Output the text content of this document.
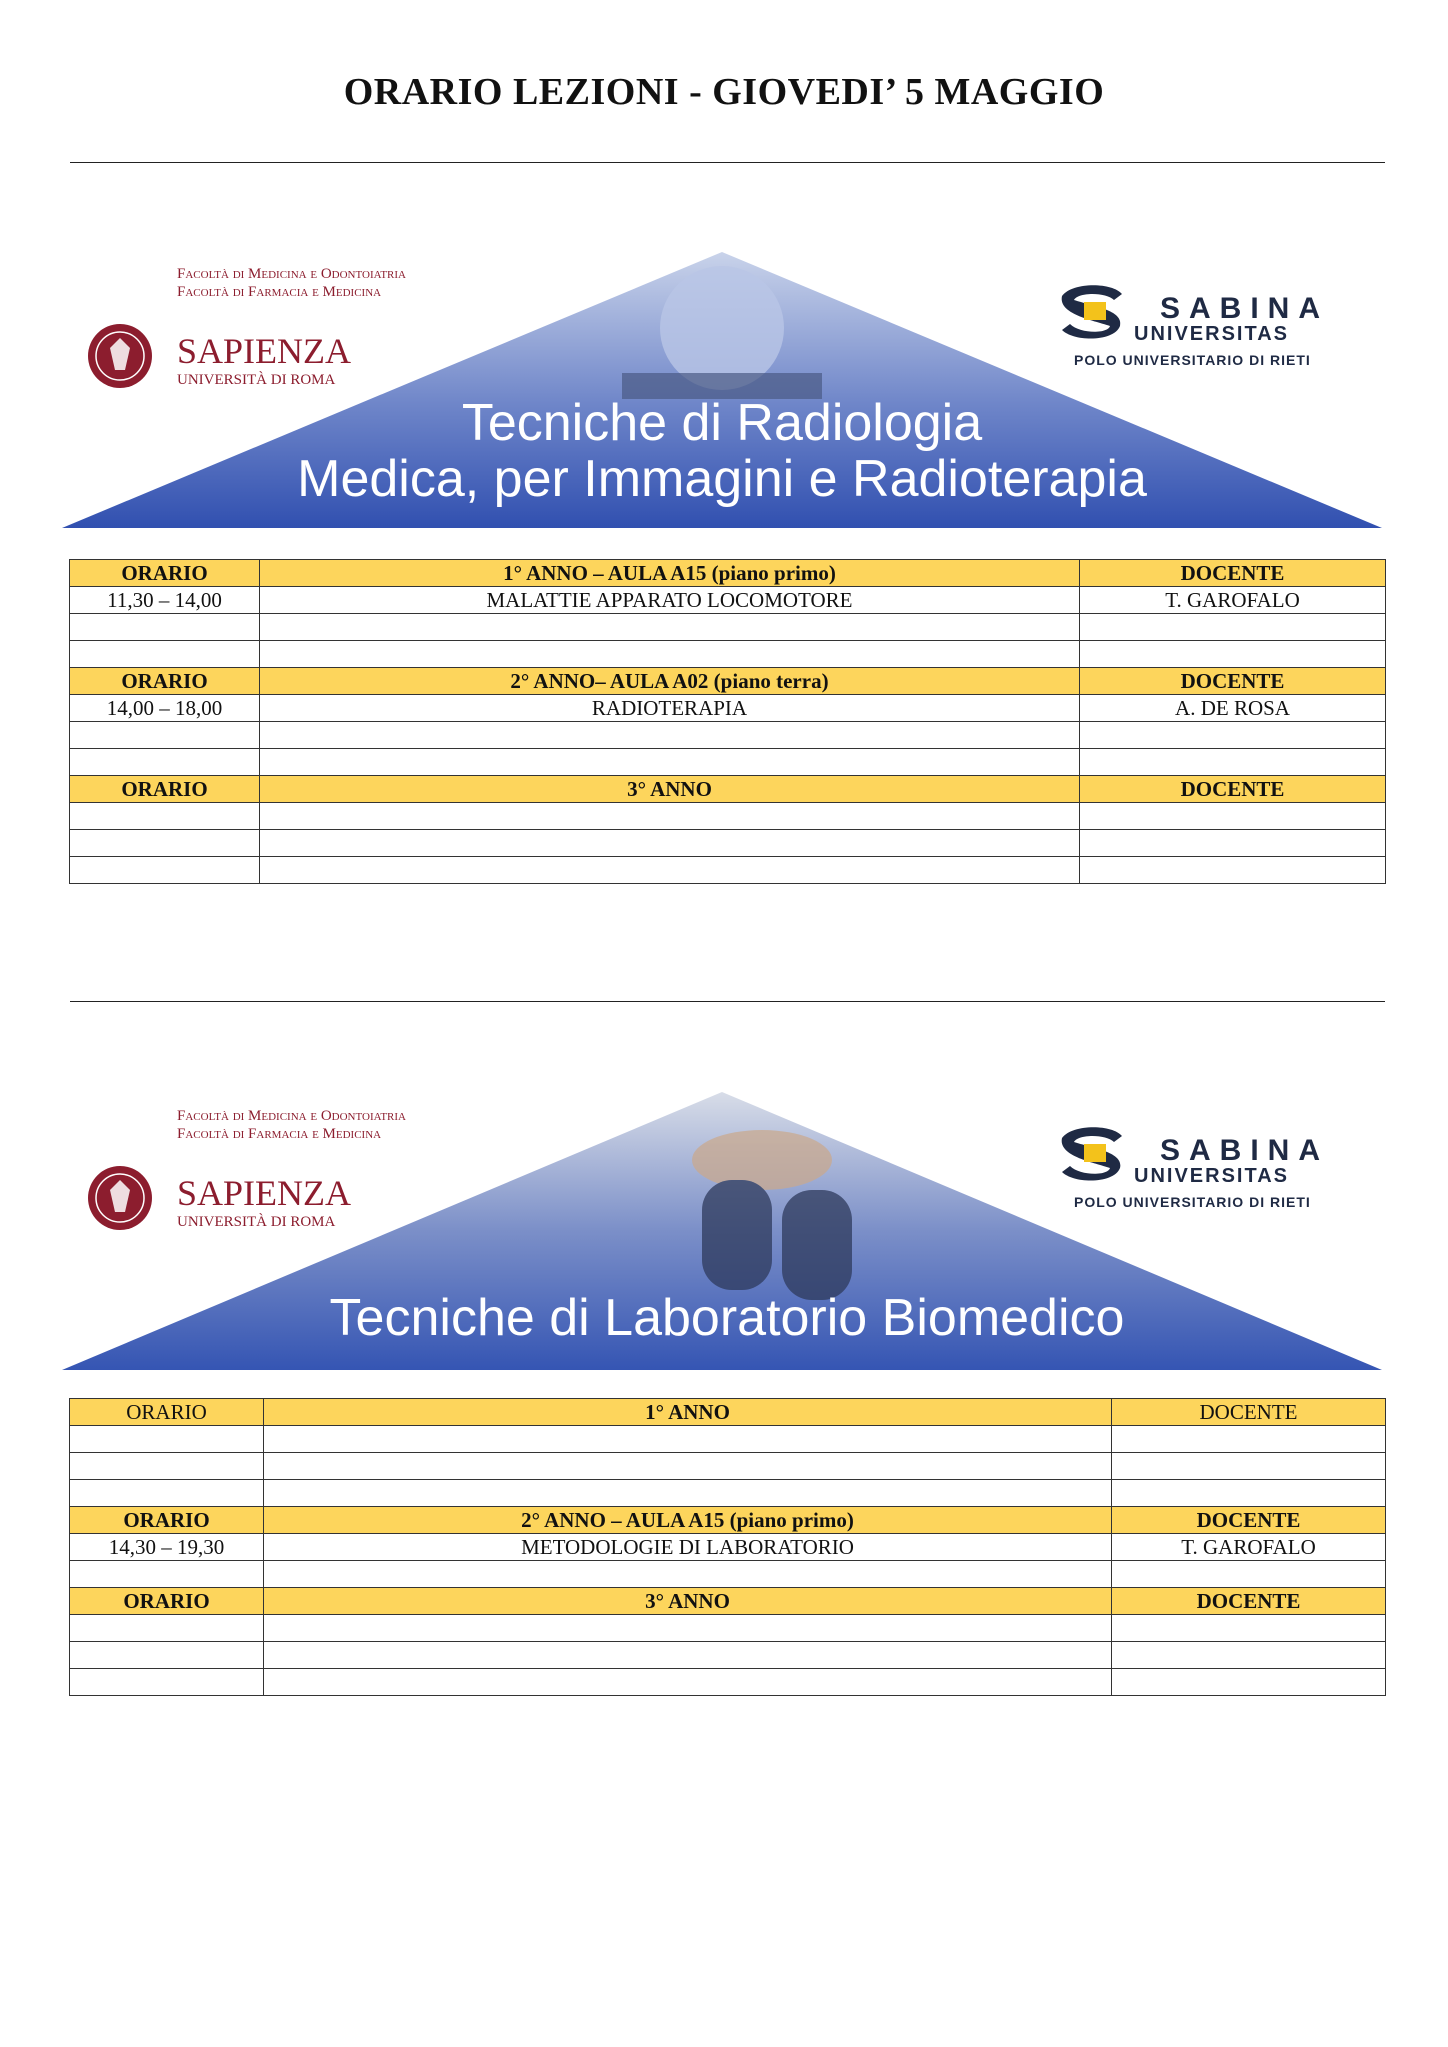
ORARIO LEZIONI - GIOVEDI’ 5 MAGGIO
Tecniche di Radiologia
Medica, per Immagini e Radioterapia
Facoltà di Medicina e Odontoiatria
Facoltà di Farmacia e Medicina
SAPIENZA
UNIVERSITÀ DI ROMA
SABINA
UNIVERSITAS
POLO UNIVERSITARIO DI RIETI
ORARIO	1° ANNO – AULA A15 (piano primo)	DOCENTE
11,30 – 14,00	MALATTIE APPARATO LOCOMOTORE	T. GAROFALO

ORARIO	2° ANNO– AULA A02 (piano terra)	DOCENTE
14,00 – 18,00	RADIOTERAPIA	A. DE ROSA

ORARIO	3° ANNO	DOCENTE

Tecniche di Laboratorio Biomedico
Facoltà di Medicina e Odontoiatria
Facoltà di Farmacia e Medicina
SAPIENZA
UNIVERSITÀ DI ROMA
SABINA
UNIVERSITAS
POLO UNIVERSITARIO DI RIETI
ORARIO	1° ANNO	DOCENTE

ORARIO	2° ANNO – AULA A15 (piano primo)	DOCENTE
14,30 – 19,30	METODOLOGIE DI LABORATORIO	T. GAROFALO

ORARIO	3° ANNO	DOCENTE
